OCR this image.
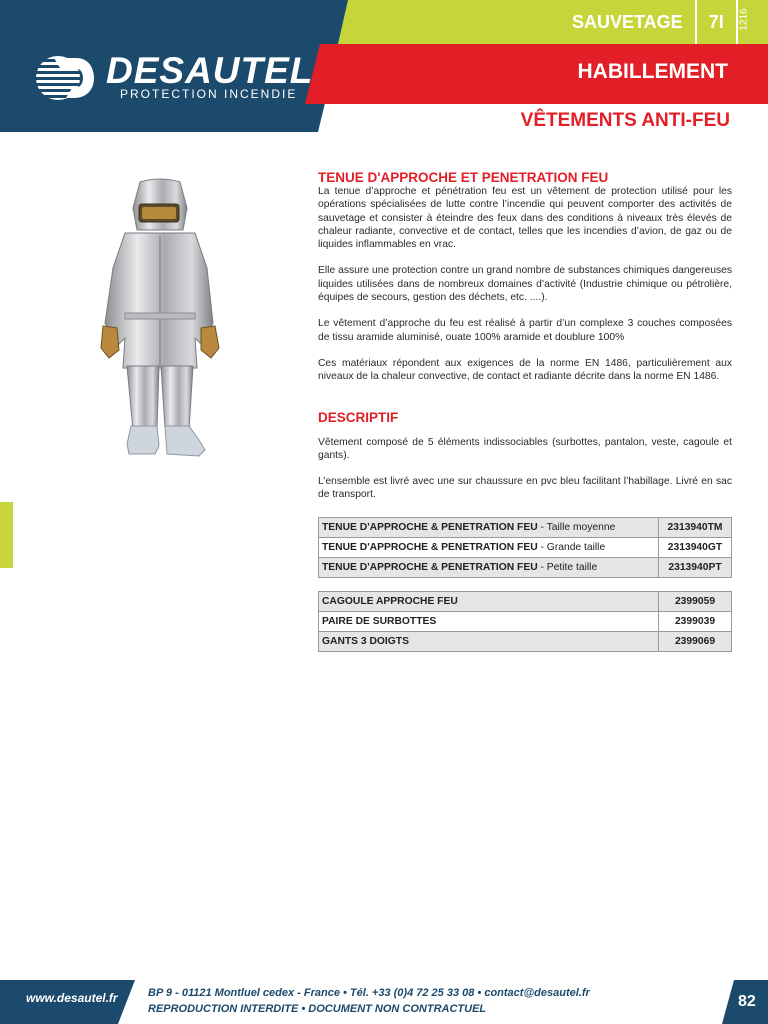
SAUVETAGE	7I	1216
HABILLEMENT
VÊTEMENTS ANTI-FEU
DESAUTEL
PROTECTION INCENDIE
TENUE D'APPROCHE ET PENETRATION FEU

La tenue d’approche et pénétration feu est un vêtement de protection utilisé pour les opérations spécialisées de lutte contre l’incendie qui peuvent comporter des activités de sauvetage et consister à éteindre des feux dans des conditions à niveaux très élevés de chaleur radiante, convective et de contact, telles que les incendies d’avion, de gaz ou de liquides inflammables en vrac.

Elle assure une protection contre un grand nombre de substances chimiques dangereuses liquides utilisées dans de nombreux domaines d’activité (Industrie chimique ou pétrolière, équipes de secours, gestion des déchets, etc. ....).

Le vêtement d’approche du feu est réalisé à partir d’un complexe 3 couches composées de tissu aramide aluminisé, ouate 100% aramide et doublure 100%

Ces matériaux répondent aux exigences de la norme EN 1486, particulièrement aux niveaux de la chaleur convective, de contact et radiante décrite dans la norme EN 1486.

DESCRIPTIF

Vêtement composé de 5 éléments indissociables (surbottes, pantalon, veste, cagoule et gants).

L’ensemble est livré avec une sur chaussure en pvc bleu facilitant l’habillage. Livré en sac de transport.

TENUE D'APPROCHE & PENETRATION FEU - Taille moyenne	2313940TM
TENUE D'APPROCHE & PENETRATION FEU - Grande taille	2313940GT
TENUE D'APPROCHE & PENETRATION FEU - Petite taille	2313940PT
CAGOULE APPROCHE FEU	2399059
PAIRE DE SURBOTTES	2399039
GANTS 3 DOIGTS	2399069
www.desautel.fr	BP 9 - 01121 Montluel cedex - France • Tél. +33 (0)4 72 25 33 08 • contact@desautel.fr
REPRODUCTION INTERDITE • DOCUMENT NON CONTRACTUEL	82
